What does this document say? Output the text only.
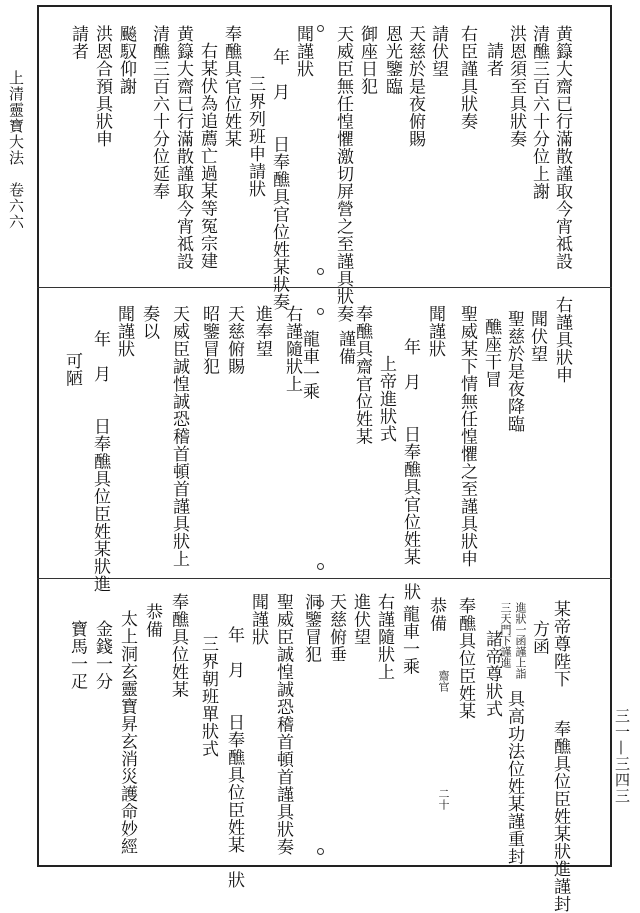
上清靈寶大法　卷六六
三一—三四三
黄籙大齋已行滿散謹取今宵祗設
清醮三百六十分位上謝
洪恩須至具狀奏
請者
右臣謹具狀奏
請伏望
天慈於是夜俯賜
恩光鑒臨
御座日犯
天威臣無任惶懼激切屏營之至謹具狀奏
聞謹狀
年　月　　日奉醮具官位姓某狀奏
三界列班申請狀
奉醮具官位姓某
右某伏為追薦亡過某等冤宗建
黄籙大齋已行滿散謹取今宵祗設
清醮三百六十分位延奉
飈馭仰謝
洪恩合預具狀申
請者
右謹具狀申
聞伏望
聖慈於是夜降臨
醮座干冒
聖威某下情無任惶懼之至謹具狀申
聞謹狀
年　月　　日奉醮具官位姓某　狀
上帝進狀式
奉醮具齋官位姓某
謹備
龍車一乘
右謹隨狀上
進奉望
天慈俯賜
昭鑒冒犯
天威臣誠惶誠恐稽首頓首謹具狀上
奏以
聞謹狀
年　月　　日奉醮具位臣姓某狀進
可陋
某帝尊陛下
奉醮具位臣姓某狀進謹封
方函
進狀一函謹上詣
三天門下謹進
諸帝尊狀式
具高功法位姓某謹重封
奉醮具位臣姓某
齋官
二十
恭備
龍車一乘
右謹隨狀上
進伏望
天慈俯垂
洞鑒冒犯
聖威臣誠惶誠恐稽首頓首謹具狀奏
聞謹狀
年　月　　日奉醮具位臣姓某　狀
三界朝班單狀式
奉醮具位姓某
恭備
太上洞玄靈寶昇玄消災護命妙經
金錢一分
寶馬一疋
